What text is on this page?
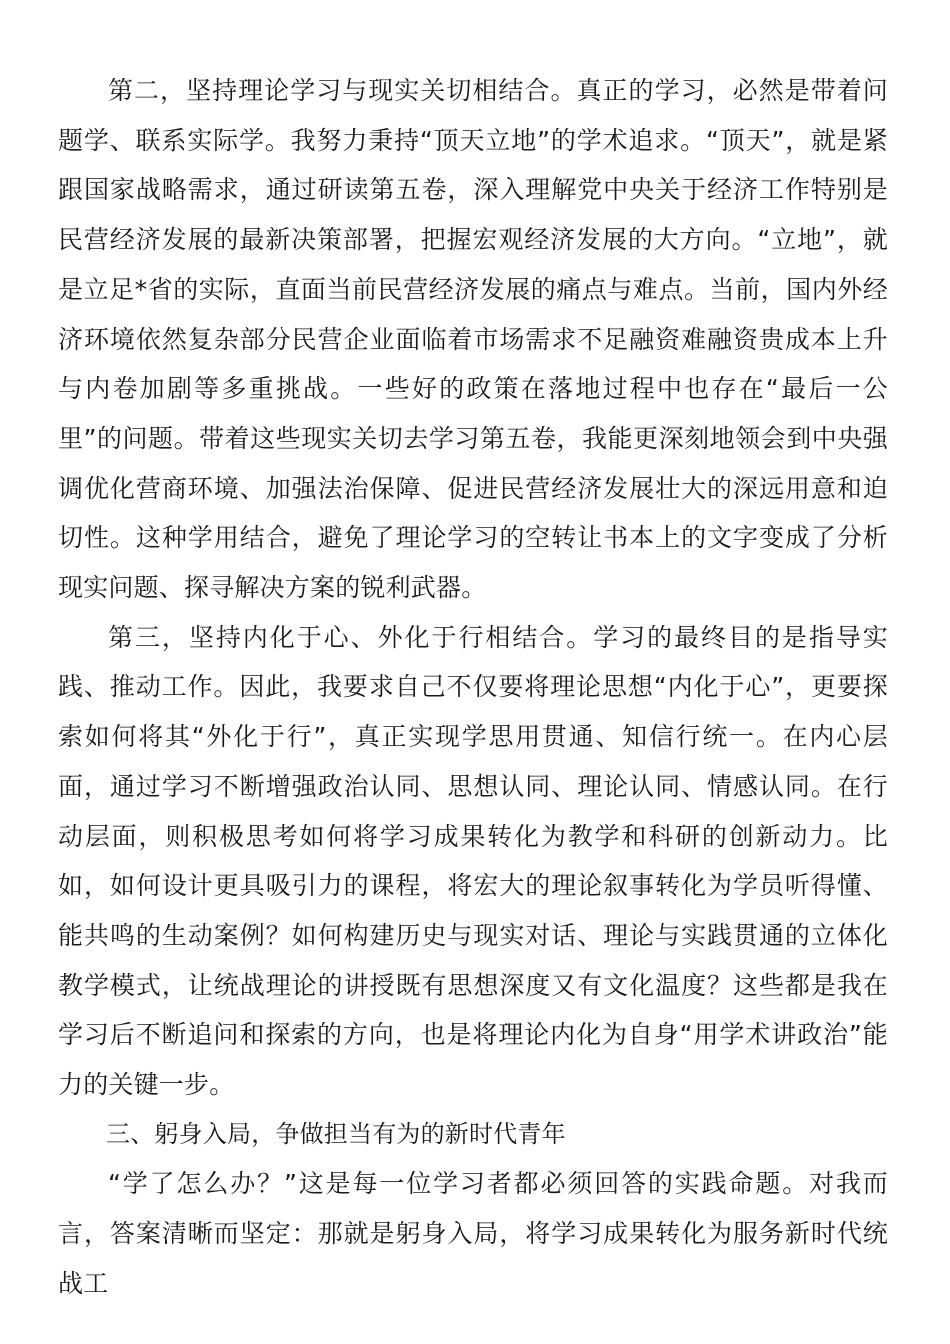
第二，坚持理论学习与现实关切相结合。真正的学习，必然是带着问题学、联系实际学。我努力秉持“顶天立地”的学术追求。“顶天”，就是紧跟国家战略需求，通过研读第五卷，深入理解党中央关于经济工作特别是民营经济发展的最新决策部署，把握宏观经济发展的大方向。“立地”，就是立足*省的实际，直面当前民营经济发展的痛点与难点。当前，国内外经济环境依然复杂部分民营企业面临着市场需求不足融资难融资贵成本上升与内卷加剧等多重挑战。一些好的政策在落地过程中也存在“最后一公里”的问题。带着这些现实关切去学习第五卷，我能更深刻地领会到中央强调优化营商环境、加强法治保障、促进民营经济发展壮大的深远用意和迫切性。这种学用结合，避免了理论学习的空转让书本上的文字变成了分析现实问题、探寻解决方案的锐利武器。

第三，坚持内化于心、外化于行相结合。学习的最终目的是指导实践、推动工作。因此，我要求自己不仅要将理论思想“内化于心”，更要探索如何将其“外化于行”，真正实现学思用贯通、知信行统一。在内心层面，通过学习不断增强政治认同、思想认同、理论认同、情感认同。在行动层面，则积极思考如何将学习成果转化为教学和科研的创新动力。比如，如何设计更具吸引力的课程，将宏大的理论叙事转化为学员听得懂、能共鸣的生动案例？如何构建历史与现实对话、理论与实践贯通的立体化教学模式，让统战理论的讲授既有思想深度又有文化温度？这些都是我在学习后不断追问和探索的方向，也是将理论内化为自身“用学术讲政治”能力的关键一步。

三、躬身入局，争做担当有为的新时代青年

“学了怎么办？”这是每一位学习者都必须回答的实践命题。对我而言，答案清晰而坚定：那就是躬身入局，将学习成果转化为服务新时代统战工
